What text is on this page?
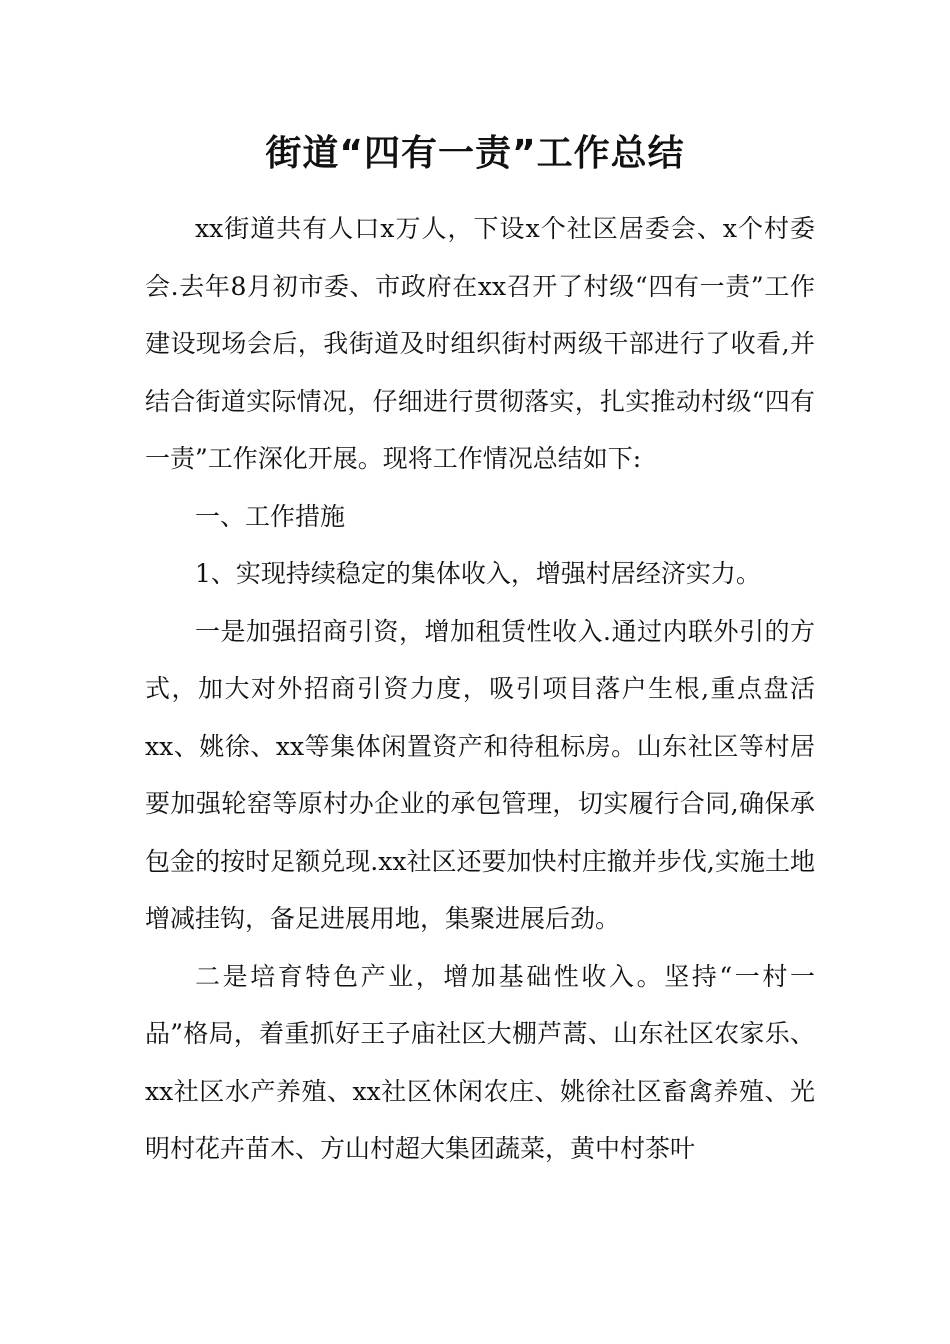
街道“四有一责”工作总结

xx街道共有人口x万人，下设x个社区居委会、x个村委会.去年8月初市委、市政府在xx召开了村级“四有一责”工作建设现场会后，我街道及时组织街村两级干部进行了收看,并结合街道实际情况，仔细进行贯彻落实，扎实推动村级“四有一责”工作深化开展。现将工作情况总结如下:

一、工作措施

1、实现持续稳定的集体收入，增强村居经济实力。

一是加强招商引资，增加租赁性收入.通过内联外引的方式，加大对外招商引资力度，吸引项目落户生根,重点盘活xx、姚徐、xx等集体闲置资产和待租标房。山东社区等村居要加强轮窑等原村办企业的承包管理，切实履行合同,确保承包金的按时足额兑现.xx社区还要加快村庄撤并步伐,实施土地增减挂钩，备足进展用地，集聚进展后劲。

二是培育特色产业，增加基础性收入。坚持“一村一品”格局，着重抓好王子庙社区大棚芦蒿、山东社区农家乐、xx社区水产养殖、xx社区休闲农庄、姚徐社区畜禽养殖、光明村花卉苗木、方山村超大集团蔬菜，黄中村茶叶
